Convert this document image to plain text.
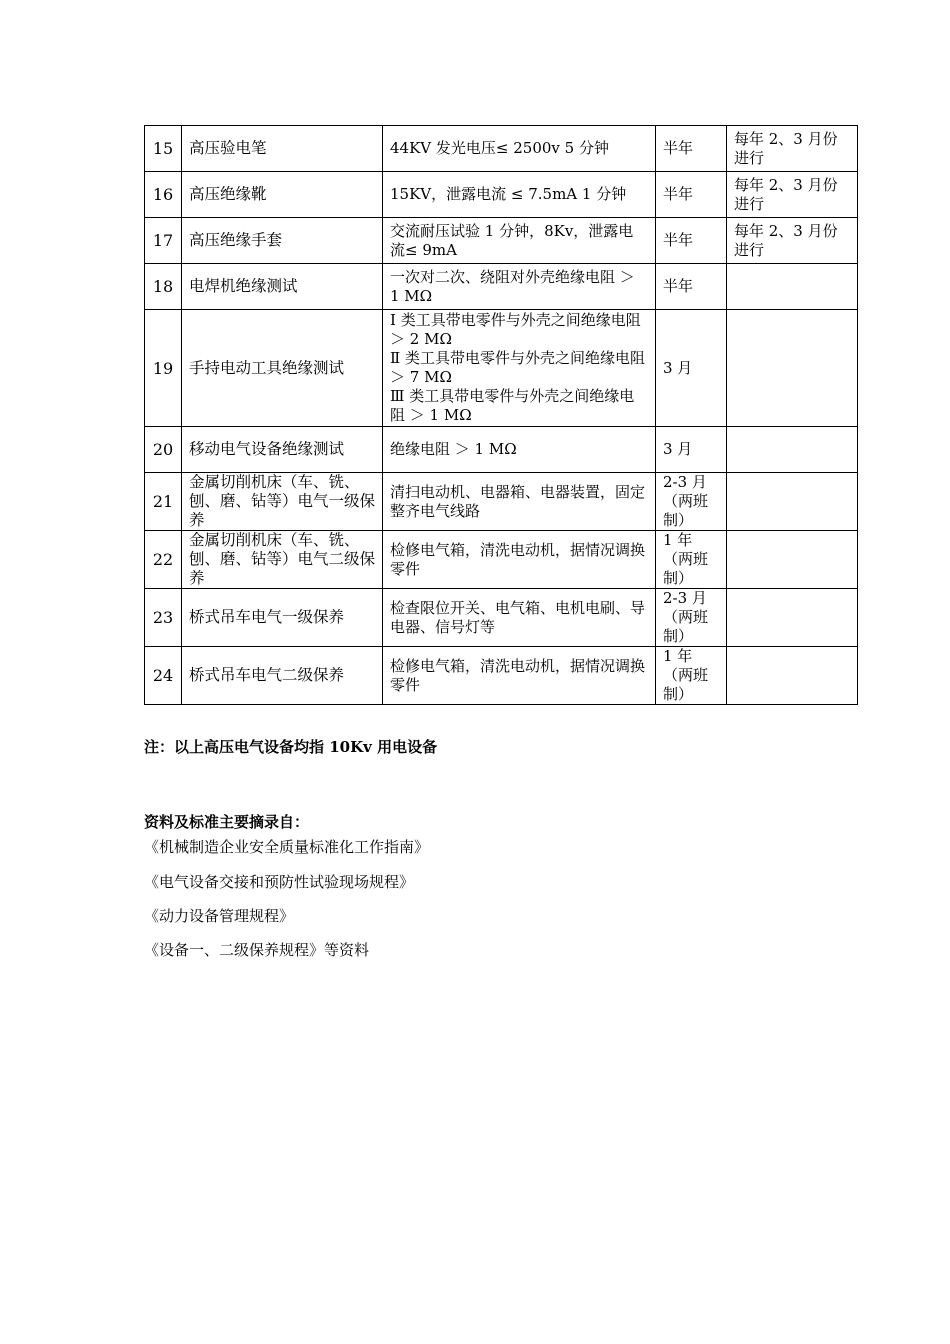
15	高压验电笔	44KV 发光电压≤ 2500v 5 分钟	半年	每年 2、3 月份进行
16	高压绝缘靴	15KV，泄露电流 ≤ 7.5mA 1 分钟	半年	每年 2、3 月份进行
17	高压绝缘手套	交流耐压试验 1 分钟，8Kv，泄露电流≤ 9mA	半年	每年 2、3 月份进行
18	电焊机绝缘测试	一次对二次、绕阻对外壳绝缘电阻 ＞ 1 MΩ	半年	
19	手持电动工具绝缘测试	Ⅰ 类工具带电零件与外壳之间绝缘电阻 ＞ 2 MΩ
Ⅱ 类工具带电零件与外壳之间绝缘电阻 ＞ 7 MΩ
Ⅲ 类工具带电零件与外壳之间绝缘电阻 ＞ 1 MΩ	3 月	
20	移动电气设备绝缘测试	绝缘电阻 ＞ 1 MΩ	3 月	
21	金属切削机床（车、铣、刨、磨、钻等）电气一级保养	清扫电动机、电器箱、电器装置，固定整齐电气线路	2-3 月（两班制）	
22	金属切削机床（车、铣、刨、磨、钻等）电气二级保养	检修电气箱，清洗电动机，据情况调换零件	1 年（两班制）	
23	桥式吊车电气一级保养	检查限位开关、电气箱、电机电刷、导电器、信号灯等	2-3 月（两班制）	
24	桥式吊车电气二级保养	检修电气箱，清洗电动机，据情况调换零件	1 年（两班制）	
注：以上高压电气设备均指 10Kv 用电设备
资料及标准主要摘录自：
《机械制造企业安全质量标准化工作指南》
《电气设备交接和预防性试验现场规程》
《动力设备管理规程》
《设备一、二级保养规程》等资料
